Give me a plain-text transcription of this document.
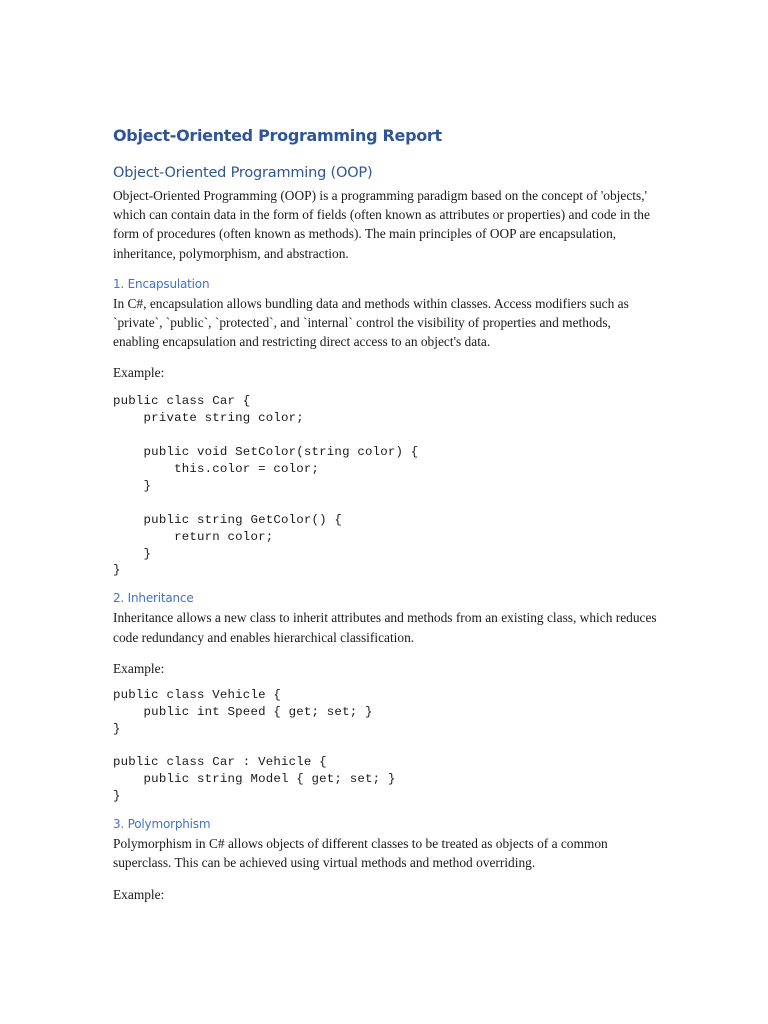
Object-Oriented Programming Report
Object-Oriented Programming (OOP)

Object-Oriented Programming (OOP) is a programming paradigm based on the concept of 'objects,' which can contain data in the form of fields (often known as attributes or properties) and code in the form of procedures (often known as methods). The main principles of OOP are encapsulation, inheritance, polymorphism, and abstraction.

1. Encapsulation

In C#, encapsulation allows bundling data and methods within classes. Access modifiers such as `private`, `public`, `protected`, and `internal` control the visibility of properties and methods, enabling encapsulation and restricting direct access to an object's data.

Example:

public class Car {
private string color;

public void SetColor(string color) {
this.color = color;
}

public string GetColor() {
return color;
}
}
2. Inheritance

Inheritance allows a new class to inherit attributes and methods from an existing class, which reduces code redundancy and enables hierarchical classification.

Example:

public class Vehicle {
public int Speed { get; set; }
}

public class Car : Vehicle {
public string Model { get; set; }
}
3. Polymorphism

Polymorphism in C# allows objects of different classes to be treated as objects of a common superclass. This can be achieved using virtual methods and method overriding.

Example:
